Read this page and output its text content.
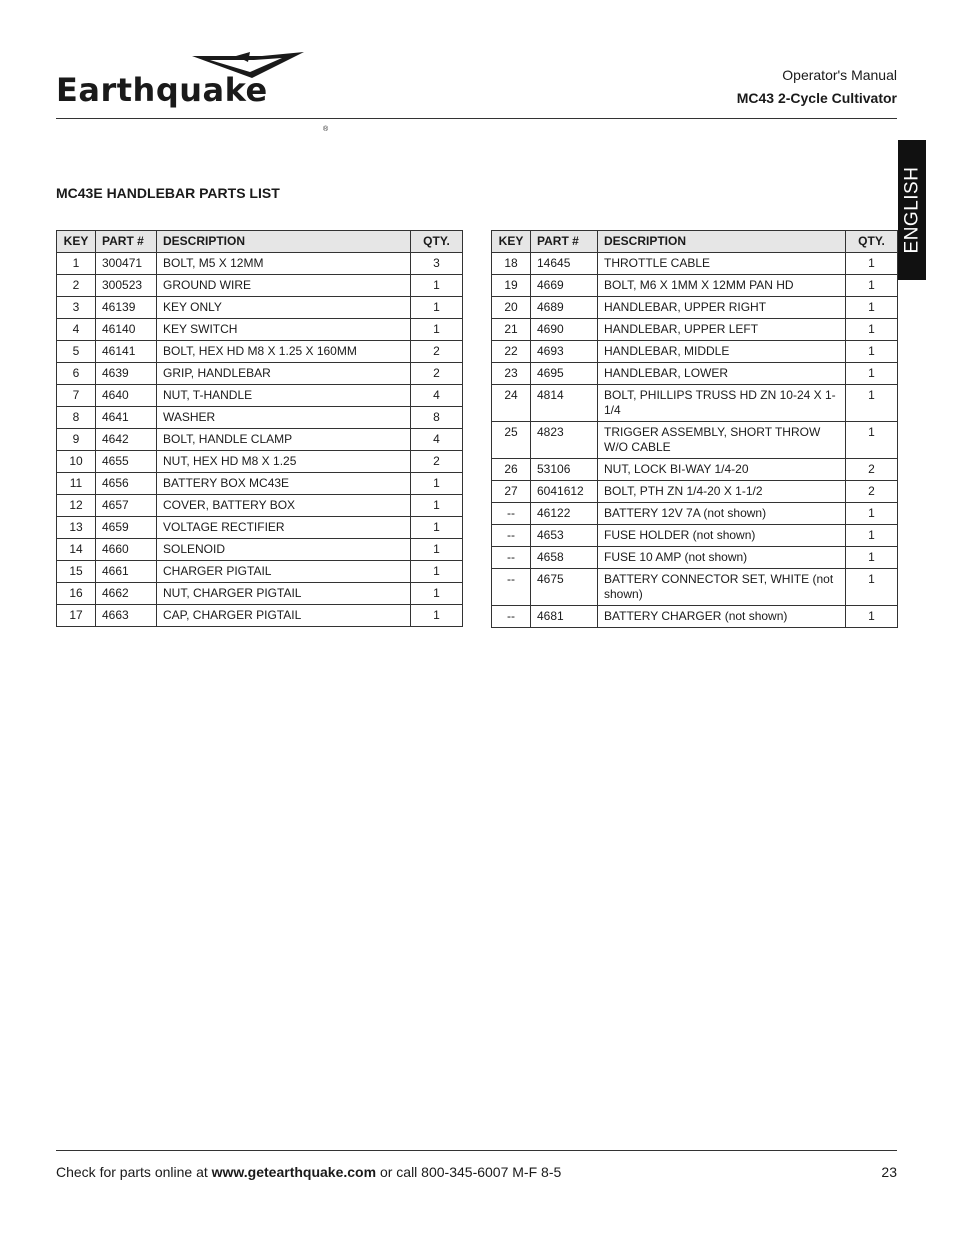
Earthquake
®
Operator's Manual
MC43 2-Cycle Cultivator
ENGLISH
MC43E HANDLEBAR PARTS LIST
KEY	PART #	DESCRIPTION	QTY.
1	300471	BOLT, M5 X 12MM	3
2	300523	GROUND WIRE	1
3	46139	KEY ONLY	1
4	46140	KEY SWITCH	1
5	46141	BOLT, HEX HD M8 X 1.25 X 160MM	2
6	4639	GRIP, HANDLEBAR	2
7	4640	NUT, T-HANDLE	4
8	4641	WASHER	8
9	4642	BOLT, HANDLE CLAMP	4
10	4655	NUT, HEX HD M8 X 1.25	2
11	4656	BATTERY BOX MC43E	1
12	4657	COVER, BATTERY BOX	1
13	4659	VOLTAGE RECTIFIER	1
14	4660	SOLENOID	1
15	4661	CHARGER PIGTAIL	1
16	4662	NUT, CHARGER PIGTAIL	1
17	4663	CAP, CHARGER PIGTAIL	1
KEY	PART #	DESCRIPTION	QTY.
18	14645	THROTTLE CABLE	1
19	4669	BOLT, M6 X 1MM X 12MM PAN HD	1
20	4689	HANDLEBAR, UPPER RIGHT	1
21	4690	HANDLEBAR, UPPER LEFT	1
22	4693	HANDLEBAR, MIDDLE	1
23	4695	HANDLEBAR, LOWER	1
24	4814	BOLT, PHILLIPS TRUSS HD ZN 10-24 X 1-1/4	1
25	4823	TRIGGER ASSEMBLY, SHORT THROW W/O CABLE	1
26	53106	NUT, LOCK BI-WAY 1/4-20	2
27	6041612	BOLT, PTH ZN 1/4-20 X 1-1/2	2
--	46122	BATTERY 12V 7A (not shown)	1
--	4653	FUSE HOLDER (not shown)	1
--	4658	FUSE 10 AMP (not shown)	1
--	4675	BATTERY CONNECTOR SET, WHITE (not shown)	1
--	4681	BATTERY CHARGER (not shown)	1
Check for parts online at www.getearthquake.com or call 800-345-6007 M-F 8-5	23
